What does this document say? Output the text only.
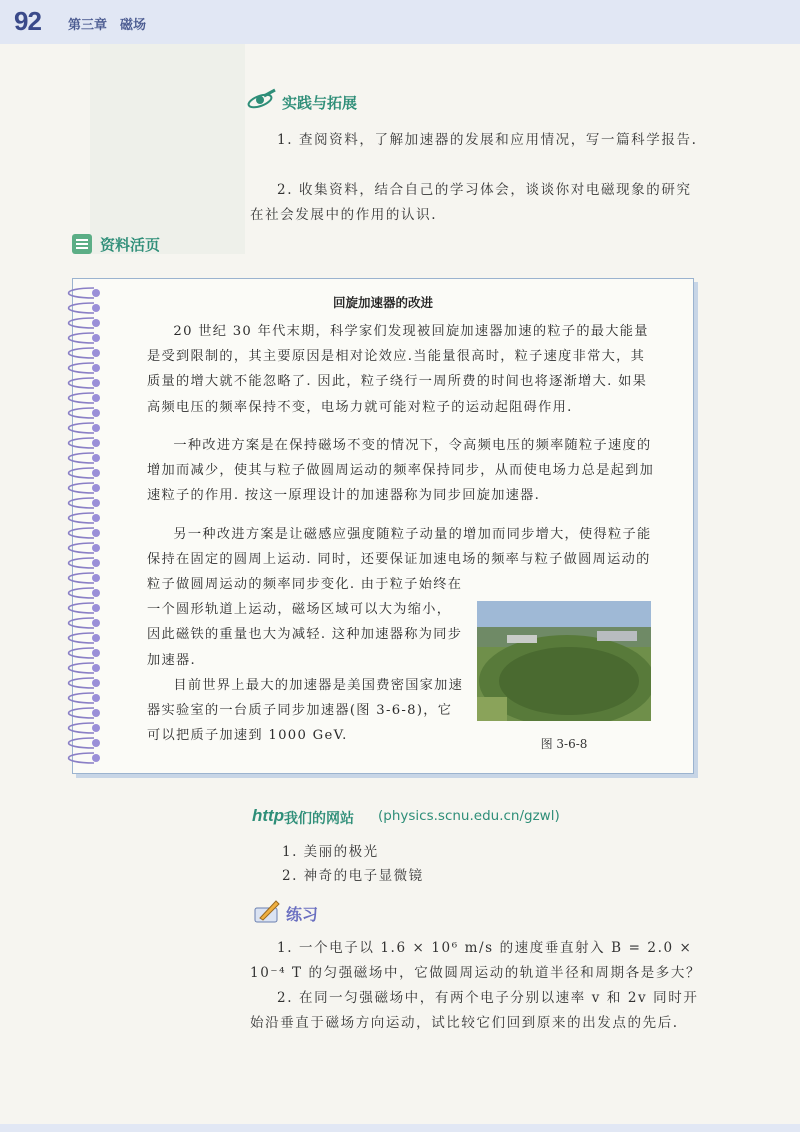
92 第三章　磁场
实践与拓展

1. 查阅资料，了解加速器的发展和应用情况，写一篇科学报告.

2. 收集资料，结合自己的学习体会，谈谈你对电磁现象的研究在社会发展中的作用的认识.

资料活页
回旋加速器的改进

20 世纪 30 年代末期，科学家们发现被回旋加速器加速的粒子的最大能量是受到限制的，其主要原因是相对论效应.当能量很高时，粒子速度非常大，其质量的增大就不能忽略了. 因此，粒子绕行一周所费的时间也将逐渐增大. 如果高频电压的频率保持不变，电场力就可能对粒子的运动起阻碍作用.

一种改进方案是在保持磁场不变的情况下，令高频电压的频率随粒子速度的增加而减少，使其与粒子做圆周运动的频率保持同步，从而使电场力总是起到加速粒子的作用. 按这一原理设计的加速器称为同步回旋加速器.

另一种改进方案是让磁感应强度随粒子动量的增加而同步增大，使得粒子能保持在固定的圆周上运动. 同时，还要保证加速电场的频率与粒子做圆周运动的

粒子做圆周运动的频率同步变化. 由于粒子始终在一个圆形轨道上运动，磁场区域可以大为缩小，因此磁铁的重量也大为减轻. 这种加速器称为同步加速器.

目前世界上最大的加速器是美国费密国家加速器实验室的一台质子同步加速器(图 3-6-8)，它可以把质子加速到 1000 GeV.

图 3-6-8
http 我们的网站 (physics.scnu.edu.cn/gzwl)
1. 美丽的极光
2. 神奇的电子显微镜
练习

1. 一个电子以 1.6 × 10⁶ m/s 的速度垂直射入 B = 2.0 × 10⁻⁴ T 的匀强磁场中，它做圆周运动的轨道半径和周期各是多大？

2. 在同一匀强磁场中，有两个电子分别以速率 v 和 2v 同时开始沿垂直于磁场方向运动，试比较它们回到原来的出发点的先后.
